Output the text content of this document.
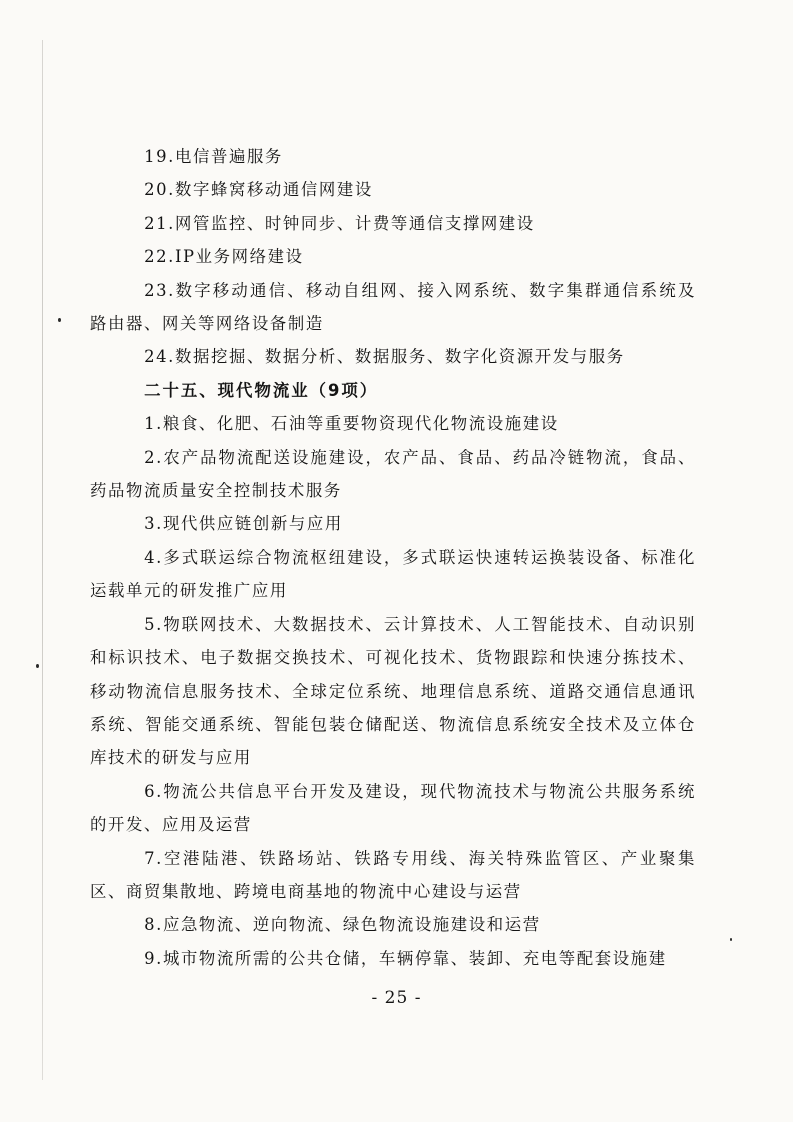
19.电信普遍服务

20.数字蜂窝移动通信网建设

21.网管监控、时钟同步、计费等通信支撑网建设

22.IP业务网络建设

23.数字移动通信、移动自组网、接入网系统、数字集群通信系统及路由器、网关等网络设备制造

24.数据挖掘、数据分析、数据服务、数字化资源开发与服务

二十五、现代物流业（9项）

1.粮食、化肥、石油等重要物资现代化物流设施建设

2.农产品物流配送设施建设，农产品、食品、药品冷链物流，食品、药品物流质量安全控制技术服务

3.现代供应链创新与应用

4.多式联运综合物流枢纽建设，多式联运快速转运换装设备、标准化运载单元的研发推广应用

5.物联网技术、大数据技术、云计算技术、人工智能技术、自动识别和标识技术、电子数据交换技术、可视化技术、货物跟踪和快速分拣技术、移动物流信息服务技术、全球定位系统、地理信息系统、道路交通信息通讯系统、智能交通系统、智能包装仓储配送、物流信息系统安全技术及立体仓库技术的研发与应用

6.物流公共信息平台开发及建设，现代物流技术与物流公共服务系统的开发、应用及运营

7.空港陆港、铁路场站、铁路专用线、海关特殊监管区、产业聚集区、商贸集散地、跨境电商基地的物流中心建设与运营

8.应急物流、逆向物流、绿色物流设施建设和运营

9.城市物流所需的公共仓储，车辆停靠、装卸、充电等配套设施建

- 25 -
